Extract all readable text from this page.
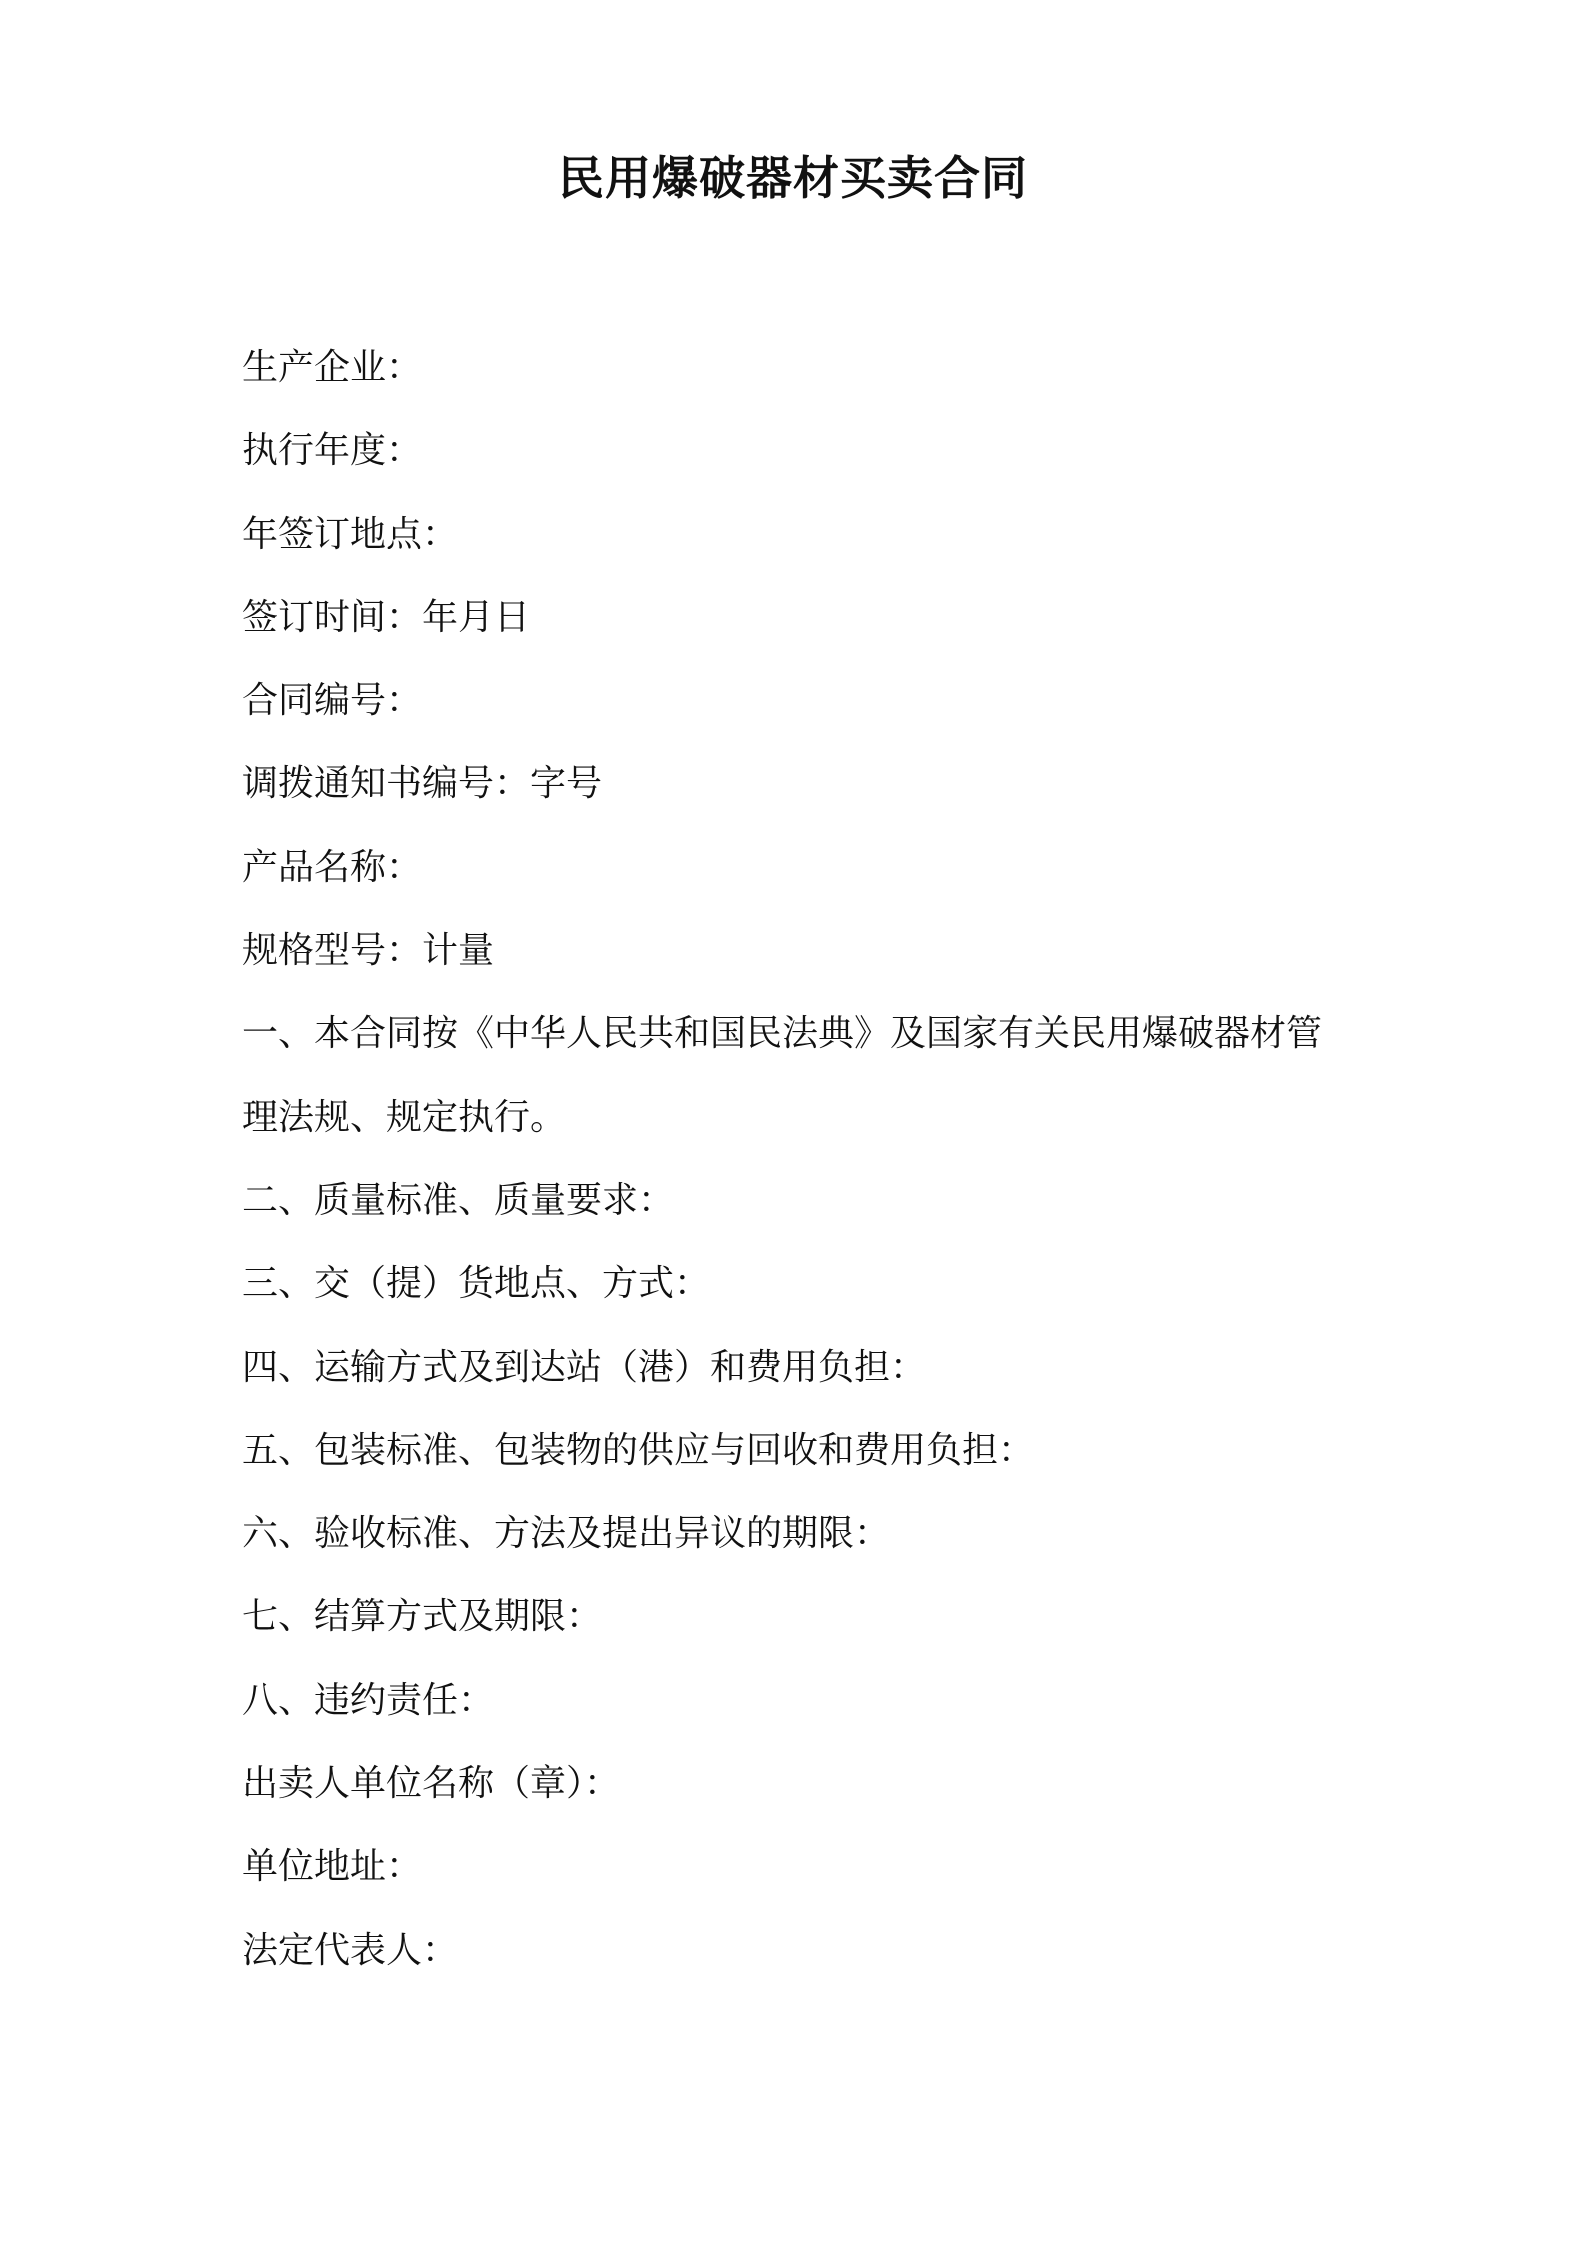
民用爆破器材买卖合同
生产企业：
执行年度：
年签订地点：
签订时间：年月日
合同编号：
调拨通知书编号：字号
产品名称：
规格型号：计量
一、本合同按《中华人民共和国民法典》及国家有关民用爆破器材管
理法规、规定执行。
二、质量标准、质量要求：
三、交（提）货地点、方式：
四、运输方式及到达站（港）和费用负担：
五、包装标准、包装物的供应与回收和费用负担：
六、验收标准、方法及提出异议的期限：
七、结算方式及期限：
八、违约责任：
出卖人单位名称（章）：
单位地址：
法定代表人：
